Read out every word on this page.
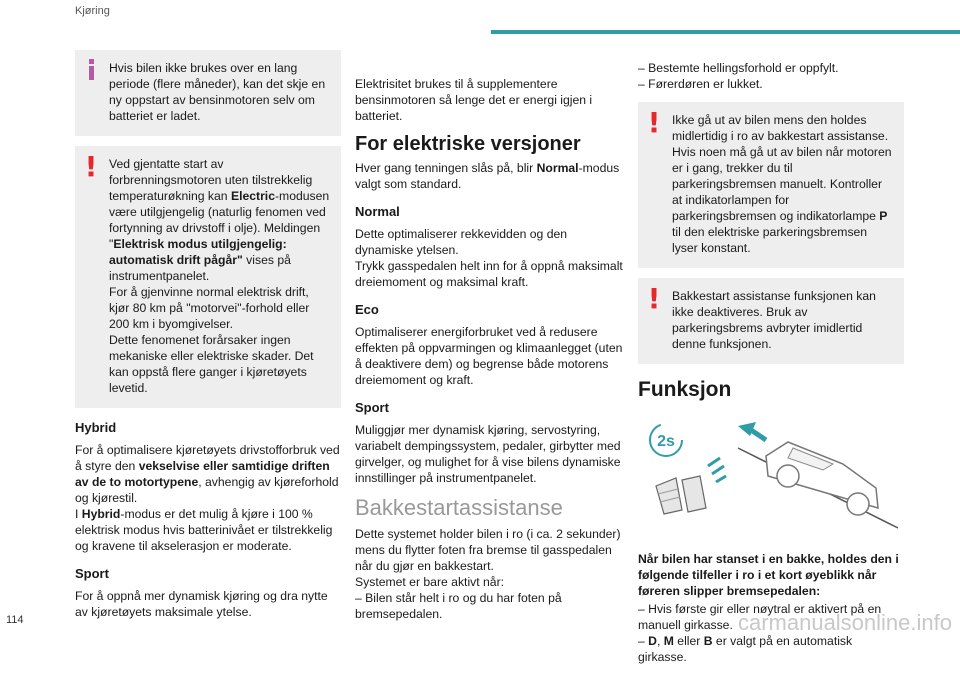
Kjøring

Hvis bilen ikke brukes over en lang periode (flere måneder), kan det skje en ny oppstart av bensinmotoren selv om batteriet er ladet.

! Ved gjentatte start av forbrenningsmotoren uten tilstrekkelig temperaturøkning kan Electric-modusen være utilgjengelig (naturlig fenomen ved fortynning av drivstoff i olje). Meldingen "Elektrisk modus utilgjengelig: automatisk drift pågår" vises på instrumentpanelet.
For å gjenvinne normal elektrisk drift, kjør 80 km på "motorvei"-forhold eller 200 km i byomgivelser.
Dette fenomenet forårsaker ingen mekaniske eller elektriske skader. Det kan oppstå flere ganger i kjøretøyets levetid.

Hybrid

For å optimalisere kjøretøyets drivstofforbruk ved å styre den vekselvise eller samtidige driften av de to motortypene, avhengig av kjøreforhold og kjørestil.
I Hybrid-modus er det mulig å kjøre i 100 % elektrisk modus hvis batterinivået er tilstrekkelig og kravene til akselerasjon er moderate.

Sport

For å oppnå mer dynamisk kjøring og dra nytte av kjøretøyets maksimale ytelse.

Elektrisitet brukes til å supplementere bensinmotoren så lenge det er energi igjen i batteriet.

For elektriske versjoner

Hver gang tenningen slås på, blir Normal-modus valgt som standard.

Normal

Dette optimaliserer rekkevidden og den dynamiske ytelsen.
Trykk gasspedalen helt inn for å oppnå maksimalt dreiemoment og maksimal kraft.

Eco

Optimaliserer energiforbruket ved å redusere effekten på oppvarmingen og klimaanlegget (uten å deaktivere dem) og begrense både motorens dreiemoment og kraft.

Sport

Muliggjør mer dynamisk kjøring, servostyring, variabelt dempingssystem, pedaler, girbytter med girvelger, og mulighet for å vise bilens dynamiske innstillinger på instrumentpanelet.

Bakkestartassistanse

Dette systemet holder bilen i ro (i ca. 2 sekunder) mens du flytter foten fra bremse til gasspedalen når du gjør en bakkestart.
Systemet er bare aktivt når:
– Bilen står helt i ro og du har foten på bremsepedalen.

– Bestemte hellingsforhold er oppfylt.
– Førerdøren er lukket.

! Ikke gå ut av bilen mens den holdes midlertidig i ro av bakkestart assistanse. Hvis noen må gå ut av bilen når motoren er i gang, trekker du til parkeringsbremsen manuelt. Kontroller at indikatorlampen for parkeringsbremsen og indikatorlampe P til den elektriske parkeringsbremsen lyser konstant.

! Bakkestart assistanse funksjonen kan ikke deaktiveres. Bruk av parkeringsbrems avbryter imidlertid denne funksjonen.

Funksjon
2s

Når bilen har stanset i en bakke, holdes den i følgende tilfeller i ro i et kort øyeblikk når føreren slipper bremsepedalen:

– Hvis første gir eller nøytral er aktivert på en manuell girkasse.
– D, M eller B er valgt på en automatisk girkasse.

114	carmanualsonline.info
